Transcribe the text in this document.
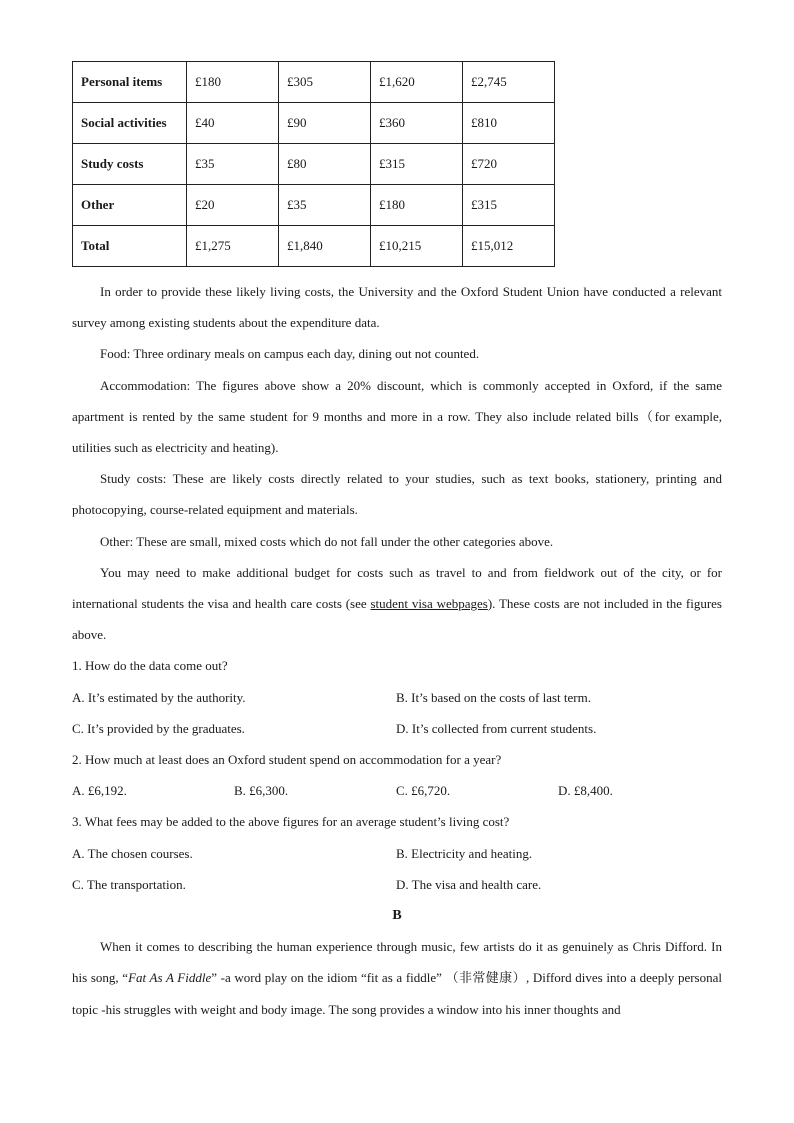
Personal items	£180	£305	£1,620	£2,745
Social activities	£40	£90	£360	£810
Study costs	£35	£80	£315	£720
Other	£20	£35	£180	£315
Total	£1,275	£1,840	£10,215	£15,012

In order to provide these likely living costs, the University and the Oxford Student Union have conducted a relevant survey among existing students about the expenditure data.

Food: Three ordinary meals on campus each day, dining out not counted.

Accommodation: The figures above show a 20% discount, which is commonly accepted in Oxford, if the same apartment is rented by the same student for 9 months and more in a row. They also include related bills（for example, utilities such as electricity and heating).

Study costs: These are likely costs directly related to your studies, such as text books, stationery, printing and photocopying, course-related equipment and materials.

Other: These are small, mixed costs which do not fall under the other categories above.

You may need to make additional budget for costs such as travel to and from fieldwork out of the city, or for international students the visa and health care costs (see student visa webpages). These costs are not included in the figures above.

1. How do the data come out?
A. It’s estimated by the authority.	B. It’s based on the costs of last term.
C. It’s provided by the graduates.	D. It’s collected from current students.
2. How much at least does an Oxford student spend on accommodation for a year?
A. £6,192.	B. £6,300.	C. £6,720.	D. £8,400.
3. What fees may be added to the above figures for an average student’s living cost?
A. The chosen courses.	B. Electricity and heating.
C. The transportation.	D. The visa and health care.
B

When it comes to describing the human experience through music, few artists do it as genuinely as Chris Difford. In his song, “Fat As A Fiddle” -a word play on the idiom “fit as a fiddle” （非常健康）, Difford dives into a deeply personal topic -his struggles with weight and body image. The song provides a window into his inner thoughts and
